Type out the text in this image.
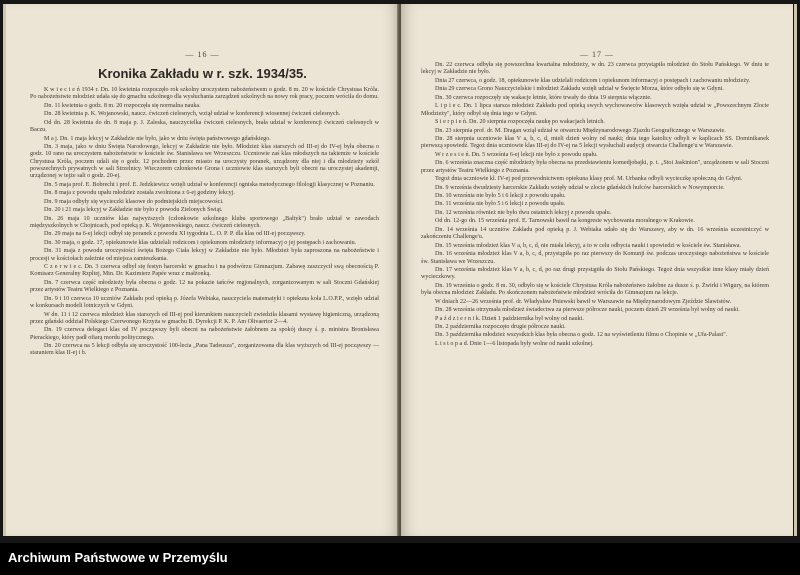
— 16 —
Kronika Zakładu w r. szk. 1934/35.

K w i e c i e ń 1934 r. Dn. 10 kwietnia rozpoczęło rok szkolny uroczystem nabożeństwem o godz. 8 m. 20 w kościele Chrystusa Króla. Po nabożeństwie młodzież udała się do gmachu szkolnego dla wysłuchania zarządzeń szkolnych na nowy rok pracy, poczem wróciła do domu.

Dn. 11 kwietnia o godz. 8 m. 20 rozpoczęła się normalna nauka.

Dn. 28 kwietnia p. K. Wojanowski, naucz. ćwiczeń cielesnych, wziął udział w konferencji wiosennej ćwiczeń cielesnych.

Od dn. 28 kwietnia do dn. 8 maja p. J. Zaleska, nauczycielka ćwiczeń cielesnych, brała udział w konferencji ćwiczeń cielesnych w Baczu.

M a j. Dn. 1 maja lekcyj w Zakładzie nie było, jako w dniu święta państwowego gdańskiego.

Dn. 3 maja, jako w dniu Święta Narodowego, lekcyj w Zakładzie nie było. Młodzież klas starszych od III-ej do IV-ej była obecna o godz. 10 rano na uroczystem nabożeństwie w kościele św. Stanisława we Wrzeszczu. Uczniowie zaś klas młodszych na takiemże w kościele Chrystusa Króla, poczem udali się o godz. 12 pochodem przez miasto na uroczysty poranek, urządzony dla niej i dla młodzieży szkół powszechnych prywatnych w sali Strzelnicy. Wieczorem członkowie Grona i uczniowie klas starszych byli obecni na uroczystej akademji, urządzonej w tejże sali o godz. 20-ej.

Dn. 5 maja prof. E. Bobrecht i prof. E. Jedzkiewicz wzięli udział w konferencji ogniska metodycznego filologji klasycznej w Poznaniu.

Dn. 8 maja z powodu upału młodzież została zwolniona z 6-ej godziny lekcyj.

Dn. 9 maja odbyły się wycieczki klasowe do podmiejskich miejscowości.

Dn. 20 i 21 maja lekcyj w Zakładzie nie było z powodu Zielonych Świąt.

Dn. 26 maja 10 uczniów klas najwyższych (członkowie szkolnego klubu sportowego „Baltyk") brało udział w zawodach międzyszkolnych w Chojnicach, pod opieką p. K. Wojanowskiego, naucz. ćwiczeń cielesnych.

Dn. 29 maja na 6-ej lekcji odbył się poranek z powodu XI tygodnia L. O. P. P. dla klas od III-ej począwszy.

Dn. 30 maja, o godz. 17, opiekunowie klas udzielali rodzicom i opiekunom młodzieży informacyj o jej postępach i zachowaniu.

Dn. 31 maja z powodu uroczystości święta Bożego Ciała lekcyj w Zakładzie nie było. Młodzież była zaproszona na nabożeństwie i procesji w kościołach zależnie od miejsca zamieszkania.

C z e r w i e c. Dn. 3 czerwca odbył się festyn harcerski w gmachu i na podwórzu Gimnazjum. Zabawę zaszczycił swą obecnością P. Komisarz Generalny Rzpltej, Min. Dr. Kazimierz Papée wraz z małżonką.

Dn. 7 czerwca część młodzieży była obecna o godz. 12 na pokazie tańców regjonalnych, zorganizowanym w sali Stoczni Gdańskiej przez artystów Teatru Wielkiego z Poznania.

Dn. 9 i 10 czerwca 10 uczniów Zakładu pod opieką p. Józefa Webiaka, nauczyciela matematyki i opiekuna koła L.O.P.P., wzięło udział w konkursach modeli lotniczych w Gdyni.

W dn. 11 i 12 czerwca młodzież klas starszych od III-ej pod kierunkiem nauczycieli zwiedziła klasami wystawę higieniczną, urządzoną przez gdański oddział Polskiego Czerwonego Krzyża w gmachu B. Dyrekcji P. K. P. Am Olivaertor 2—4.

Dn. 19 czerwca delegaci klas od IV począwszy byli obecni na nabożeństwie żałobnem za spokój duszy ś. p. ministra Bronisława Pierackiego, który padł ofiarą mordu politycznego.

Dn. 20 czerwca na 5 lekcji odbyła się uroczystość 100-lecia „Pana Tadeusza", zorganizowana dla klas wyższych od III-ej począwszy — staraniem klas II-ej i b.

— 17 —

Dn. 22 czerwca odbyła się powszechna kwartalna młodzieży, w dn. 23 czerwca przystąpiła młodzież do Stołu Pańskiego. W dniu te lekcyj w Zakładzie nie było.

Dnia 27 czerwca, o godz. 18, opiekunowie klas udzielali rodzicom i opiekunom informacyj o postępach i zachowaniu młodzieży.

Dnia 29 czerwca Grono Nauczycielskie i młodzież Zakładu wzięli udział w Święcie Morza, które odbyło się w Gdyni.

Dn. 30 czerwca rozpoczęły się wakacje letnie, które trwały do dnia 19 sierpnia włącznie.

L i p i e c. Dn. 1 lipca starsza młodzież Zakładu pod opieką swych wychowawców klasowych wzięła udział w „Powszechnym Zlocie Młodzieży", który odbył się dnia tego w Gdyni.

S i e r p i e ń. Dn. 20 sierpnia rozpoczęła naukę po wakacjach letnich.

Dn. 23 sierpnia prof. dr. M. Dragan wziął udział w otwarciu Międzynarodowego Zjazdu Geograficznego w Warszawie.

Dn. 28 sierpnia uczniowie klas V a, b, c, d, mieli dzień wolny od nauki; dnia tego katolicy odbyli w kaplicach SS. Dominikanek pierwszą spowiedź. Tegoż dnia uczniowie klas III-ej do IV-ej na 5 lekcji wysłuchali audycji otwarcia Challenge'u w Warszawie.

W r z e s i e ń. Dn. 5 września 6-ej lekcji nie było z powodu upału.

Dn. 6 września znaczna część młodzieży była obecna na przedstawieniu komedjobajki, p. t. „Stoi Jaskinion", urządzonem w sali Stoczni przez artystów Teatru Wielkiego z Poznania.

Tegoż dnia uczniowie kl. IV-ej pod przewodnictwem opiekuna klasy prof. M. Urbanka odbyli wycieczkę społeczną do Gdyni.

Dn. 9 września dwudziesty harcerskie Zakładu wzięły udział w zlocie gdańskich hufców harcerskich w Nowymporcie.

Dn. 10 września nie było 5 i 6 lekcji z powodu upału.

Dn. 11 września nie było 5 i 6 lekcji z powodu upału.

Dn. 12 września również nie było dwu ostatnich lekcyj z powodu upału.

Od dn. 12-go dn. 15 września prof. E. Tarnowski bawił na kongresie wychowania moralnego w Krakowie.

Dn. 14 września 14 uczniów Zakładu pod opieką p. J. Webiaka udało się do Warszawy, aby w dn. 16 września uczestniczyć w zakończeniu Challenge'u.

Dn. 15 września młodzież klas V a, b, c, d, nie miała lekcyj, a to w celu odbycia nauki i spowiedzi w kościele św. Stanisława.

Dn. 16 września młodzież klas V a, b, c, d, przystąpiła po raz pierwszy do Komunji św. podczas uroczystego nabożeństwa w kościele św. Stanisława we Wrzeszczu.

Dn. 17 września młodzież klas V a, b, c, d, po raz drugi przystąpiła do Stołu Pańskiego. Tegoż dnia wszystkie inne klasy miały dzień wycieczkowy.

Dn. 19 września o godz. 8 m. 30, odbyło się w kościele Chrystusa Króla nabożeństwo żałobne za dusze ś. p. Żwirki i Wigury, na którem była obecna młodzież Zakładu. Po skończonem nabożeństwie młodzież wróciła do Gimnazjum na lekcje.

W dniach 22—26 września prof. dr. Władysław Pniewski bawił w Warszawie na Międzynarodowym Zjeździe Slawistów.

Dn. 28 września otrzymała młodzież świadectwa za pierwsze półrocze nauki, poczem dzień 29 września był wolny od nauki.

P a ź d z i e r n i k. Dzień 1 października był wolny od nauki.

Dn. 2 października rozpoczęto drugie półrocze nauki.

Dn. 3 października młodzież wszystkich klas była obecna o godz. 12 na wyświetleniu filmu o Chopinie w „Ufa-Palast".

L i s t o p a d. Dnie 1—6 listopada były wolne od nauki szkolnej.

Archiwum Państwowe w Przemyślu
